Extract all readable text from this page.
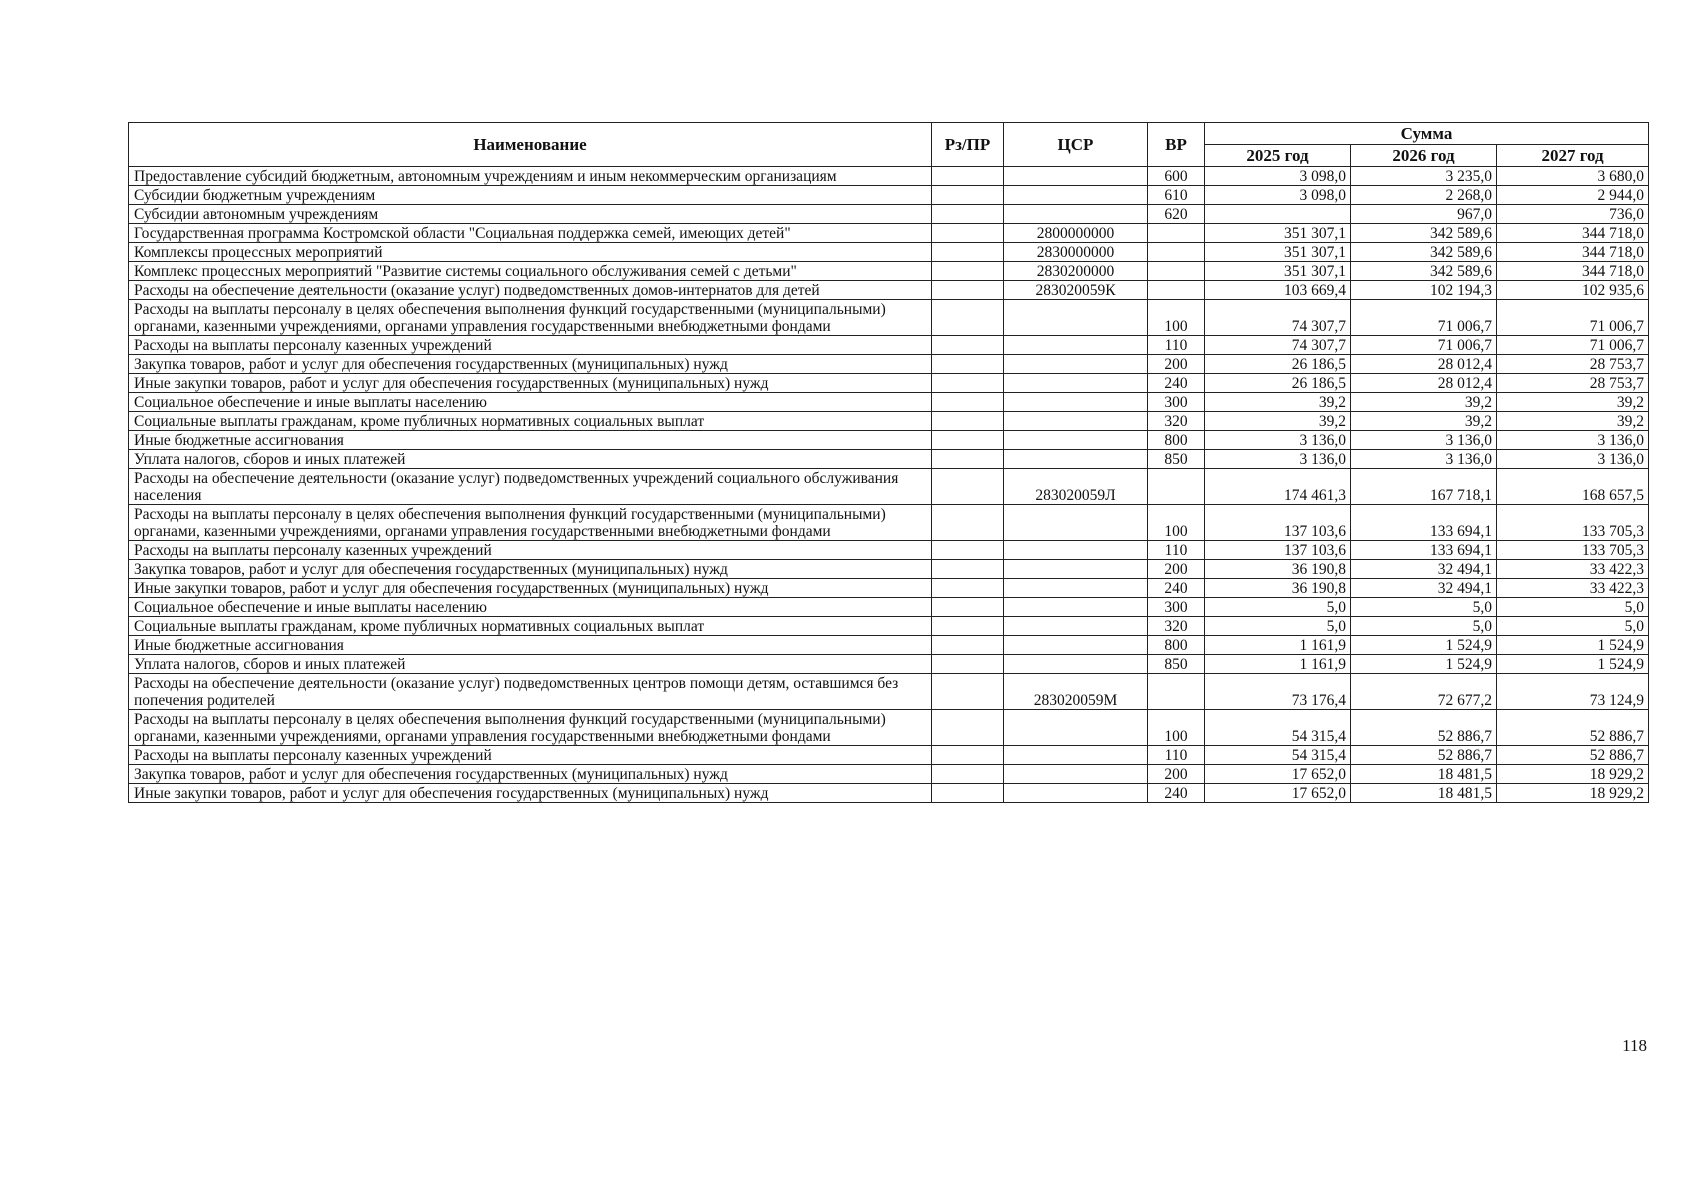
Наименование	Рз/ПР	ЦСР	ВР	Сумма		
				2025 год	2026 год	2027 год
Предоставление субсидий бюджетным, автономным учреждениям и иным некоммерческим организациям			600	3 098,0	3 235,0	3 680,0
Субсидии бюджетным учреждениям			610	3 098,0	2 268,0	2 944,0
Субсидии автономным учреждениям			620		967,0	736,0
Государственная программа Костромской области "Социальная поддержка семей, имеющих детей"		2800000000		351 307,1	342 589,6	344 718,0
Комплексы процессных мероприятий		2830000000		351 307,1	342 589,6	344 718,0
Комплекс процессных мероприятий "Развитие системы социального обслуживания семей с детьми"		2830200000		351 307,1	342 589,6	344 718,0
Расходы на обеспечение деятельности (оказание услуг) подведомственных домов-интернатов для детей		283020059К		103 669,4	102 194,3	102 935,6
Расходы на выплаты персоналу в целях обеспечения выполнения функций государственными (муниципальными) органами, казенными учреждениями, органами управления государственными внебюджетными фондами			100	74 307,7	71 006,7	71 006,7
Расходы на выплаты персоналу казенных учреждений			110	74 307,7	71 006,7	71 006,7
Закупка товаров, работ и услуг для обеспечения государственных (муниципальных) нужд			200	26 186,5	28 012,4	28 753,7
Иные закупки товаров, работ и услуг для обеспечения государственных (муниципальных) нужд			240	26 186,5	28 012,4	28 753,7
Социальное обеспечение и иные выплаты населению			300	39,2	39,2	39,2
Социальные выплаты гражданам, кроме публичных нормативных социальных выплат			320	39,2	39,2	39,2
Иные бюджетные ассигнования			800	3 136,0	3 136,0	3 136,0
Уплата налогов, сборов и иных платежей			850	3 136,0	3 136,0	3 136,0
Расходы на обеспечение деятельности (оказание услуг) подведомственных учреждений социального обслуживания населения		283020059Л		174 461,3	167 718,1	168 657,5
Расходы на выплаты персоналу в целях обеспечения выполнения функций государственными (муниципальными) органами, казенными учреждениями, органами управления государственными внебюджетными фондами			100	137 103,6	133 694,1	133 705,3
Расходы на выплаты персоналу казенных учреждений			110	137 103,6	133 694,1	133 705,3
Закупка товаров, работ и услуг для обеспечения государственных (муниципальных) нужд			200	36 190,8	32 494,1	33 422,3
Иные закупки товаров, работ и услуг для обеспечения государственных (муниципальных) нужд			240	36 190,8	32 494,1	33 422,3
Социальное обеспечение и иные выплаты населению			300	5,0	5,0	5,0
Социальные выплаты гражданам, кроме публичных нормативных социальных выплат			320	5,0	5,0	5,0
Иные бюджетные ассигнования			800	1 161,9	1 524,9	1 524,9
Уплата налогов, сборов и иных платежей			850	1 161,9	1 524,9	1 524,9
Расходы на обеспечение деятельности (оказание услуг) подведомственных центров помощи детям, оставшимся без попечения родителей		283020059М		73 176,4	72 677,2	73 124,9
Расходы на выплаты персоналу в целях обеспечения выполнения функций государственными (муниципальными) органами, казенными учреждениями, органами управления государственными внебюджетными фондами			100	54 315,4	52 886,7	52 886,7
Расходы на выплаты персоналу казенных учреждений			110	54 315,4	52 886,7	52 886,7
Закупка товаров, работ и услуг для обеспечения государственных (муниципальных) нужд			200	17 652,0	18 481,5	18 929,2
Иные закупки товаров, работ и услуг для обеспечения государственных (муниципальных) нужд			240	17 652,0	18 481,5	18 929,2
118
